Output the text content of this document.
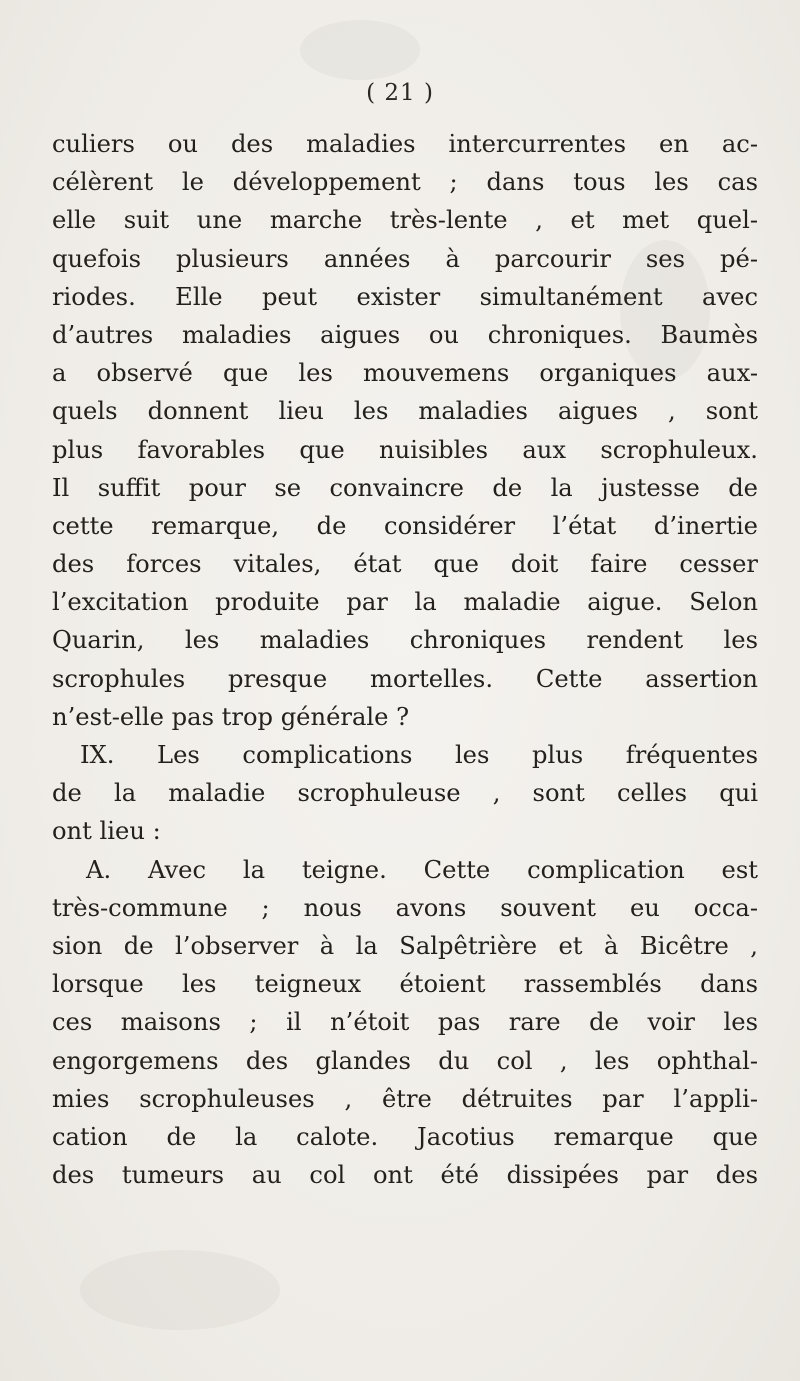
( 21 )
culiers ou des maladies intercurrentes en ac-
célèrent le développement ; dans tous les cas
elle suit une marche très-lente , et met quel-
quefois plusieurs années à parcourir ses pé-
riodes. Elle peut exister simultanément avec
d’autres maladies aigues ou chroniques. Baumès
a observé que les mouvemens organiques aux-
quels donnent lieu les maladies aigues , sont
plus favorables que nuisibles aux scrophuleux.
Il suffit pour se convaincre de la justesse de
cette remarque, de considérer l’état d’inertie
des forces vitales, état que doit faire cesser
l’excitation produite par la maladie aigue. Selon
Quarin, les maladies chroniques rendent les
scrophules presque mortelles. Cette assertion
n’est-elle pas trop générale ?
IX. Les complications les plus fréquentes
de la maladie scrophuleuse , sont celles qui
ont lieu :
A. Avec la teigne. Cette complication est
très-commune ; nous avons souvent eu occa-
sion de l’observer à la Salpêtrière et à Bicêtre ,
lorsque les teigneux étoient rassemblés dans
ces maisons ; il n’étoit pas rare de voir les
engorgemens des glandes du col , les ophthal-
mies scrophuleuses , être détruites par l’appli-
cation de la calote. Jacotius remarque que
des tumeurs au col ont été dissipées par des
